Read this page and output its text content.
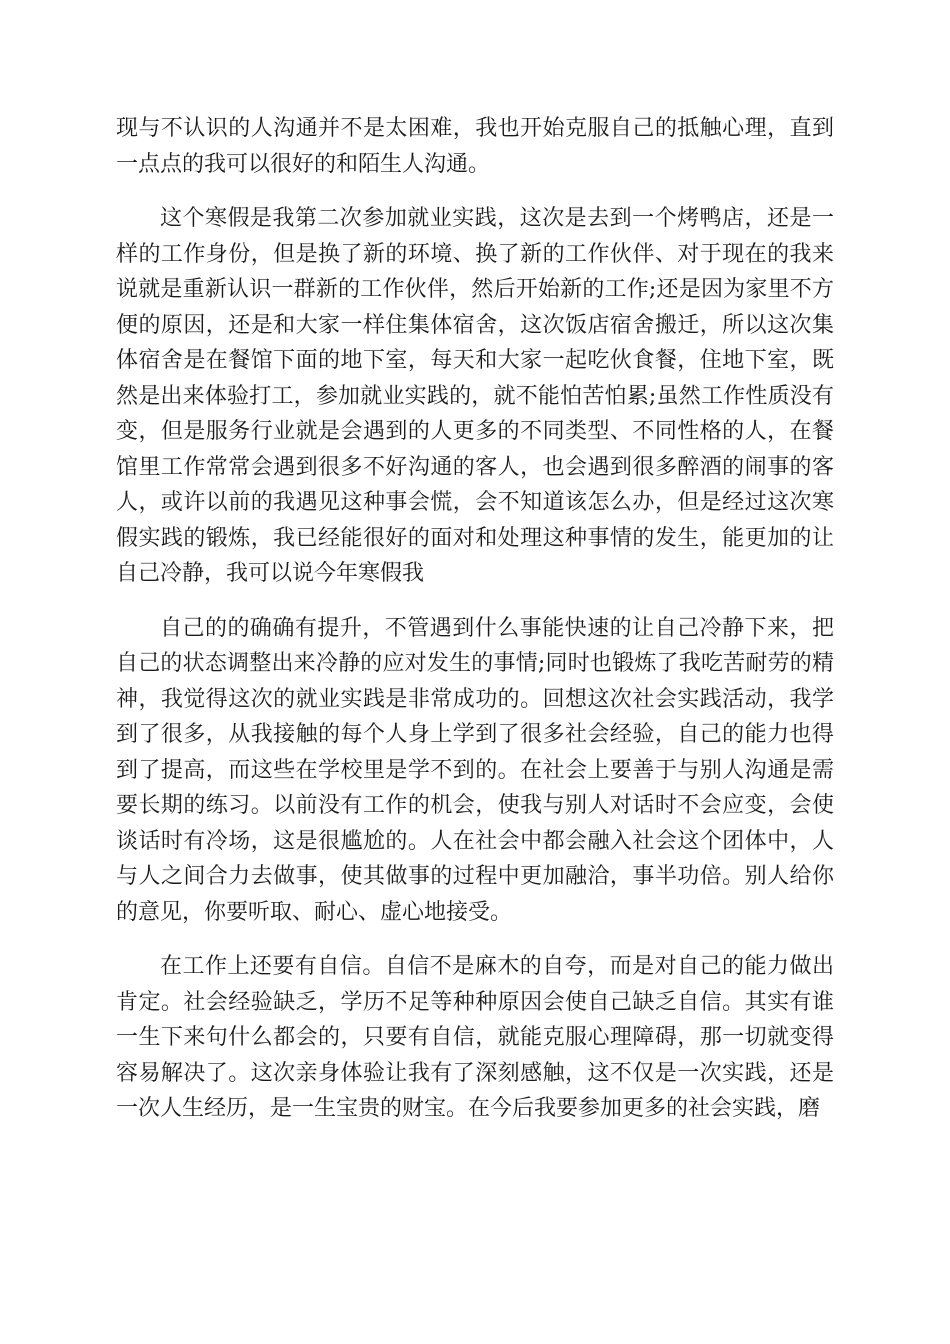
现与不认识的人沟通并不是太困难，我也开始克服自己的抵触心理，直到一点点的我可以很好的和陌生人沟通。

这个寒假是我第二次参加就业实践，这次是去到一个烤鸭店，还是一样的工作身份，但是换了新的环境、换了新的工作伙伴、对于现在的我来说就是重新认识一群新的工作伙伴，然后开始新的工作;还是因为家里不方便的原因，还是和大家一样住集体宿舍，这次饭店宿舍搬迁，所以这次集体宿舍是在餐馆下面的地下室，每天和大家一起吃伙食餐，住地下室，既然是出来体验打工，参加就业实践的，就不能怕苦怕累;虽然工作性质没有变，但是服务行业就是会遇到的人更多的不同类型、不同性格的人，在餐馆里工作常常会遇到很多不好沟通的客人，也会遇到很多醉酒的闹事的客人，或许以前的我遇见这种事会慌，会不知道该怎么办，但是经过这次寒假实践的锻炼，我已经能很好的面对和处理这种事情的发生，能更加的让自己冷静，我可以说今年寒假我

自己的的确确有提升，不管遇到什么事能快速的让自己冷静下来，把自己的状态调整出来冷静的应对发生的事情;同时也锻炼了我吃苦耐劳的精神，我觉得这次的就业实践是非常成功的。回想这次社会实践活动，我学到了很多，从我接触的每个人身上学到了很多社会经验，自己的能力也得到了提高，而这些在学校里是学不到的。在社会上要善于与别人沟通是需要长期的练习。以前没有工作的机会，使我与别人对话时不会应变，会使谈话时有冷场，这是很尴尬的。人在社会中都会融入社会这个团体中，人与人之间合力去做事，使其做事的过程中更加融洽，事半功倍。别人给你的意见，你要听取、耐心、虚心地接受。

在工作上还要有自信。自信不是麻木的自夸，而是对自己的能力做出肯定。社会经验缺乏，学历不足等种种原因会使自己缺乏自信。其实有谁一生下来句什么都会的，只要有自信，就能克服心理障碍，那一切就变得容易解决了。这次亲身体验让我有了深刻感触，这不仅是一次实践，还是一次人生经历，是一生宝贵的财宝。在今后我要参加更多的社会实践，磨
